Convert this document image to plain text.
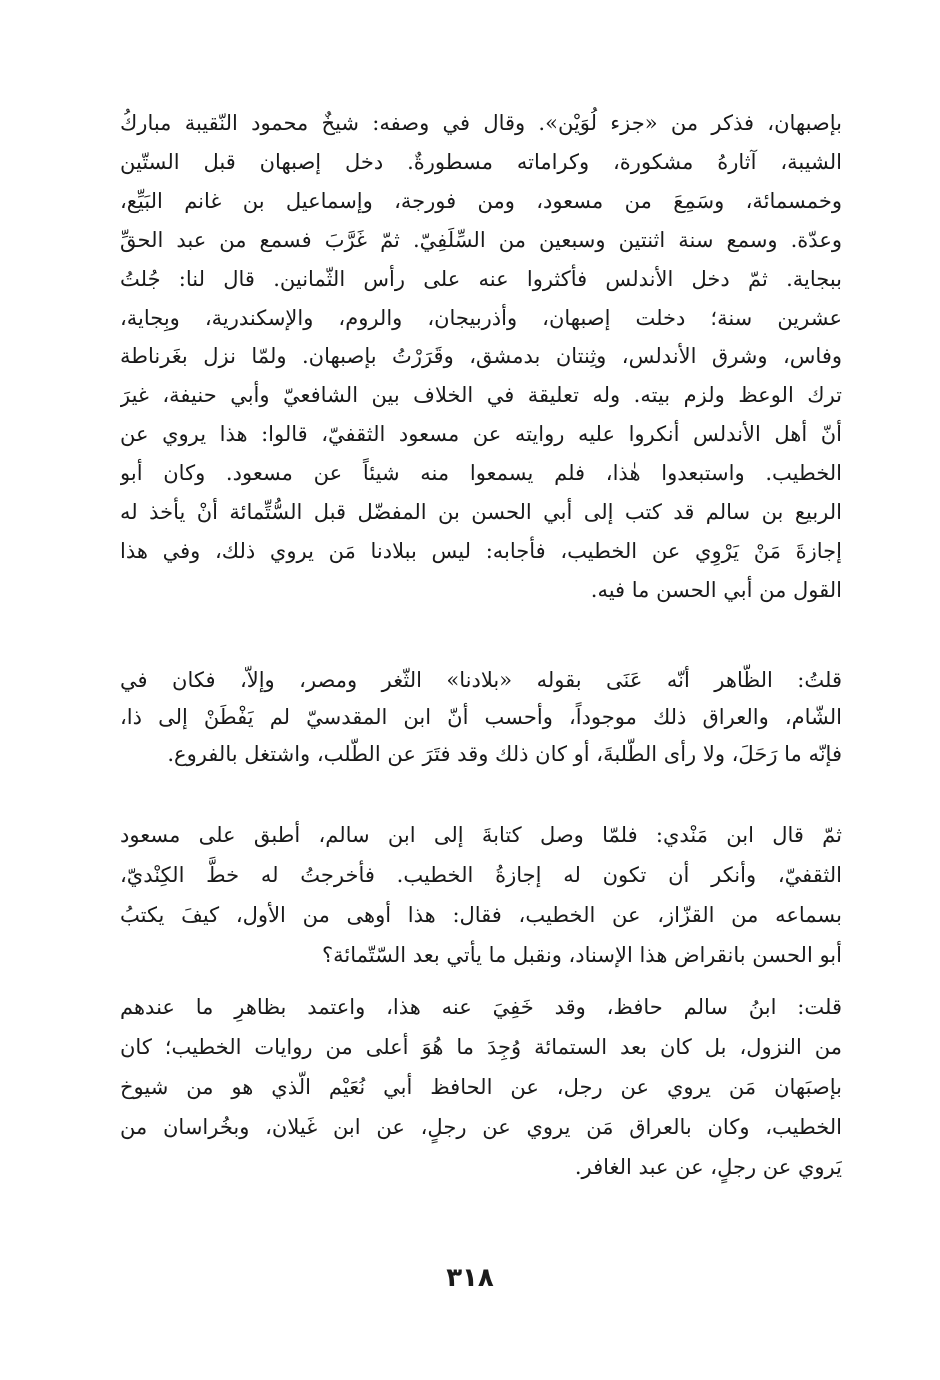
بإصبهان، فذكر من «جزء لُوَيْن». وقال في وصفه: شيخٌ محمود النّقيبة مباركُ
الشيبة، آثارهُ مشكورة، وكراماته مسطورةٌ. دخل إصبهان قبل الستّين
وخمسمائة، وسَمِعَ من مسعود، ومن فورجة، وإسماعيل بن غانم البَيِّع،
وعدّة. وسمع سنة اثنتين وسبعين من السِّلَفِيّ. ثمّ غَرَّبَ فسمع من عبد الحقِّ
ببجاية. ثمّ دخل الأندلس فأكثروا عنه على رأس الثّمانين. قال لنا: جُلتُ
عشرين سنة؛ دخلت إصبهان، وأذربيجان، والروم، والإسكندرية، وبِجاية،
وفاس، وشرق الأندلس، وثِنتان بدمشق، وقَرَرْتُ بإصبهان. ولمّا نزل بغَرناطة
ترك الوعظ ولزم بيته. وله تعليقة في الخلاف بين الشافعيّ وأبي حنيفة، غيرَ
أنّ أهل الأندلس أنكروا عليه روايته عن مسعود الثقفيّ، قالوا: هذا يروي عن
الخطيب. واستبعدوا هٰذا، فلم يسمعوا منه شيئاً عن مسعود. وكان أبو
الربيع بن سالم قد كتب إلى أبي الحسن بن المفضّل قبل السُّتِّمائة أنْ يأخذ له
إجازةَ مَنْ يَرْوِي عن الخطيب، فأجابه: ليس ببلادنا مَن يروي ذلك، وفي هذا
القول من أبي الحسن ما فيه.
قلتُ: الظّاهر أنّه عَنَى بقوله «بلادنا» الثّغر ومصر، وإلاّ، فكان في
الشّام، والعراق ذلك موجوداً، وأحسب أنّ ابن المقدسيّ لم يَفْطَنْ إلى ذا،
فإنّه ما رَحَلَ، ولا رأى الطّلبةَ، أو كان ذلك وقد فتَرَ عن الطّلب، واشتغل بالفروع.
ثمّ قال ابن مَنْدي: فلمّا وصل كتابةَ إلى ابن سالم، أطبق على مسعود
الثقفيّ، وأنكر أن تكون له إجازةُ الخطيب. فأخرجتُ له خطَّ الكِنْديّ،
بسماعه من القزّاز، عن الخطيب، فقال: هذا أوهى من الأول، كيفَ يكتبُ
أبو الحسن بانقراض هذا الإسناد، ونقبل ما يأتي بعد السّتّمائة؟
قلت: ابنُ سالم حافظ، وقد خَفِيَ عنه هذا، واعتمد بظاهرِ ما عندهم
من النزول، بل كان بعد الستمائة وُجِدَ ما هُوَ أعلى من روايات الخطيب؛ كان
بإصبَهان مَن يروي عن رجل، عن الحافظ أبي نُعَيْم الّذي هو من شيوخ
الخطيب، وكان بالعراق مَن يروي عن رجلٍ، عن ابن غَيلان، وبخُراسان من
يَروي عن رجلٍ، عن عبد الغافر.
٣١٨
